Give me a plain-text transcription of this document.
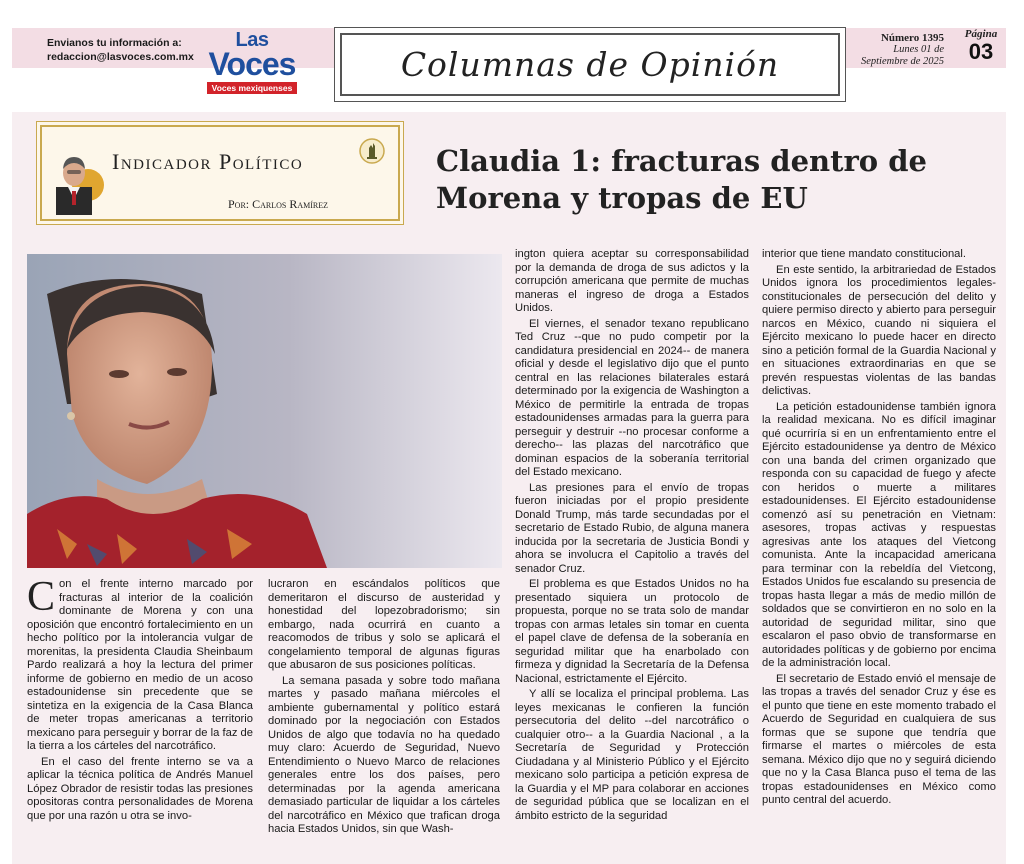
Envianos tu información a:
redaccion@lasvoces.com.mx
Las
Voces
Voces mexiquenses
Columnas de Opinión
Número 1395
Lunes 01 de
Septiembre de 2025
Página
03
Indicador Político
Por: Carlos Ramírez
Claudia 1: fracturas dentro de Morena y tropas de EU

Con el frente interno marcado por fracturas al interior de la coalición dominante de Morena y con una oposición que encontró fortalecimiento en un hecho político por la intolerancia vulgar de morenitas, la presidenta Claudia Sheinbaum Pardo realizará a hoy la lectura del primer informe de gobierno en medio de un acoso estadounidense sin precedente que se sintetiza en la exigencia de la Casa Blanca de meter tropas americanas a territorio mexicano para perseguir y borrar de la faz de la tierra a los cárteles del narcotráfico.

En el caso del frente interno se va a aplicar la técnica política de Andrés Manuel López Obrador de resistir todas las presiones opositoras contra personalidades de Morena que por una razón u otra se invo-

lucraron en escándalos políticos que demeritaron el discurso de austeridad y honestidad del lopezobradorismo; sin embargo, nada ocurrirá en cuanto a reacomodos de tribus y solo se aplicará el congelamiento temporal de algunas figuras que abusaron de sus posiciones políticas.

La semana pasada y sobre todo mañana martes y pasado mañana miércoles el ambiente gubernamental y político estará dominado por la negociación con Estados Unidos de algo que todavía no ha quedado muy claro: Acuerdo de Seguridad, Nuevo Entendimiento o Nuevo Marco de relaciones generales entre los dos países, pero determinadas por la agenda americana demasiado particular de liquidar a los cárteles del narcotráfico en México que trafican droga hacia Estados Unidos, sin que Wash-

ington quiera aceptar su corresponsabilidad por la demanda de droga de sus adictos y la corrupción americana que permite de muchas maneras el ingreso de droga a Estados Unidos.

El viernes, el senador texano republicano Ted Cruz --que no pudo competir por la candidatura presidencial en 2024-- de manera oficial y desde el legislativo dijo que el punto central en las relaciones bilaterales estará determinado por la exigencia de Washington a México de permitirle la entrada de tropas estadounidenses armadas para la guerra para perseguir y destruir --no procesar conforme a derecho-- las plazas del narcotráfico que dominan espacios de la soberanía territorial del Estado mexicano.

Las presiones para el envío de tropas fueron iniciadas por el propio presidente Donald Trump, más tarde secundadas por el secretario de Estado Rubio, de alguna manera inducida por la secretaria de Justicia Bondi y ahora se involucra el Capitolio a través del senador Cruz.

El problema es que Estados Unidos no ha presentado siquiera un protocolo de propuesta, porque no se trata solo de mandar tropas con armas letales sin tomar en cuenta el papel clave de defensa de la soberanía en seguridad militar que ha enarbolado con firmeza y dignidad la Secretaría de la Defensa Nacional, estrictamente el Ejército.

Y allí se localiza el principal problema. Las leyes mexicanas le confieren la función persecutoria del delito --del narcotráfico o cualquier otro-- a la Guardia Nacional , a la Secretaría de Seguridad y Protección Ciudadana y al Ministerio Público y el Ejército mexicano solo participa a petición expresa de la Guardia y el MP para colaborar en acciones de seguridad pública que se localizan en el ámbito estricto de la seguridad

interior que tiene mandato constitucional.

En este sentido, la arbitrariedad de Estados Unidos ignora los procedimientos legales-constitucionales de persecución del delito y quiere permiso directo y abierto para perseguir narcos en México, cuando ni siquiera el Ejército mexicano lo puede hacer en directo sino a petición formal de la Guardia Nacional y en situaciones extraordinarias en que se prevén respuestas violentas de las bandas delictivas.

La petición estadounidense también ignora la realidad mexicana. No es difícil imaginar qué ocurriría si en un enfrentamiento entre el Ejército estadounidense ya dentro de México con una banda del crimen organizado que responda con su capacidad de fuego y afecte con heridos o muerte a militares estadounidenses. El Ejército estadounidense comenzó así su penetración en Vietnam: asesores, tropas activas y respuestas agresivas ante los ataques del Vietcong comunista. Ante la incapacidad americana para terminar con la rebeldía del Vietcong, Estados Unidos fue escalando su presencia de tropas hasta llegar a más de medio millón de soldados que se convirtieron en no solo en la autoridad de seguridad militar, sino que escalaron el paso obvio de transformarse en autoridades políticas y de gobierno por encima de la administración local.

El secretario de Estado envió el mensaje de las tropas a través del senador Cruz y ése es el punto que tiene en este momento trabado el Acuerdo de Seguridad en cualquiera de sus formas que se supone que tendría que firmarse el martes o miércoles de esta semana. México dijo que no y seguirá diciendo que no y la Casa Blanca puso el tema de las tropas estadounidenses en México como punto central del acuerdo.
